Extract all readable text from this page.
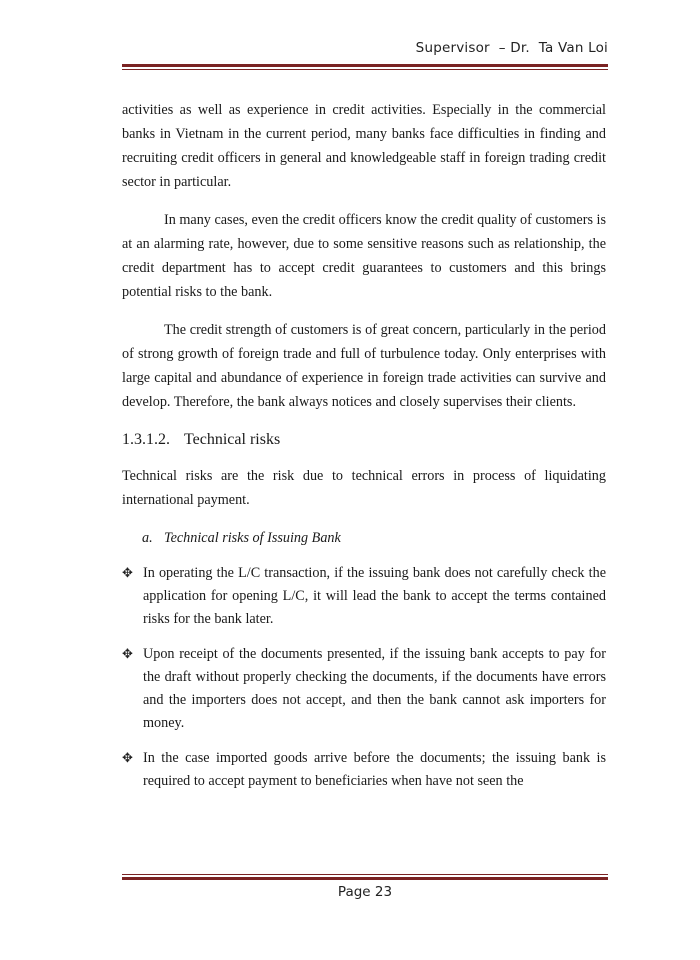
Supervisor  – Dr.  Ta Van Loi

activities as well as experience in credit activities. Especially in the commercial banks in Vietnam in the current period, many banks face difficulties in finding and recruiting credit officers in general and knowledgeable staff in foreign trading credit sector in particular.

In many cases, even the credit officers know the credit quality of customers is at an alarming rate, however, due to some sensitive reasons such as relationship, the credit department has to accept credit guarantees to customers and this brings potential risks to the bank.

The credit strength of customers is of great concern, particularly in the period of strong growth of foreign trade and full of turbulence today. Only enterprises with large capital and abundance of experience in foreign trade activities can survive and develop. Therefore, the bank always notices and closely supervises their clients.

1.3.1.2. Technical risks

Technical risks are the risk due to technical errors in process of liquidating international payment.

a. Technical risks of Issuing Bank
✥ In operating the L/C transaction, if the issuing bank does not carefully check the application for opening L/C, it will lead the bank to accept the terms contained risks for the bank later.
✥ Upon receipt of the documents presented, if the issuing bank accepts to pay for the draft without properly checking the documents, if the documents have errors and the importers does not accept, and then the bank cannot ask importers for money.
✥ In the case imported goods arrive before the documents; the issuing bank is required to accept payment to beneficiaries when have not seen the
Page 23
